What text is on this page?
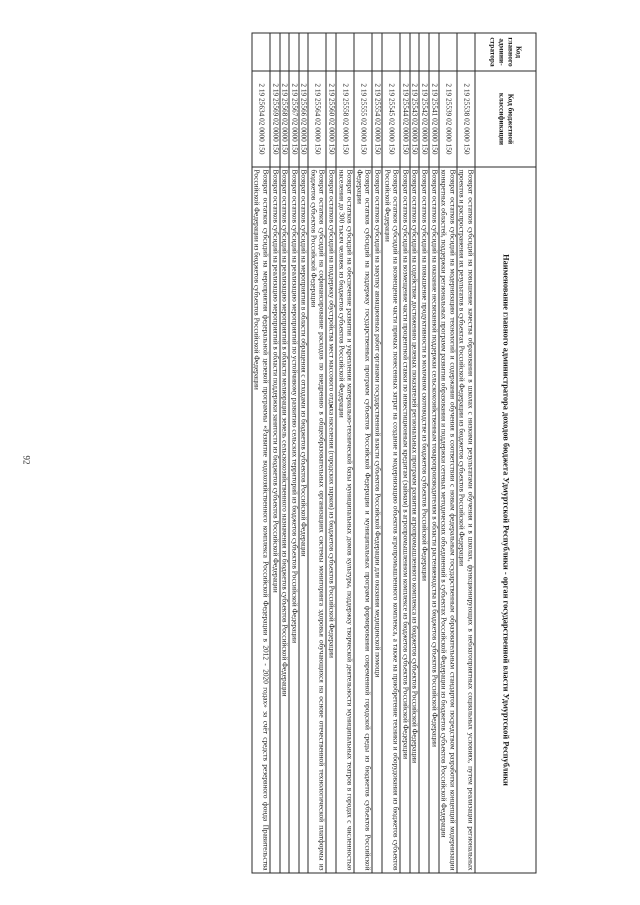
92
Код главного админи-стратора	Код бюджетной классификации	Наименование главного администратора доходов бюджета Удмуртской Республики - орган государственной власти Удмуртской Республики
	2 19 25538 02 0000 150	Возврат остатков субсидий на повышение качества образования в школах с низкими результатами обучения и в школах, функционирующих в неблагоприятных социальных условиях, путем реализации региональных проектов и распространения их результатов в субъектах Российской Федерации из бюджетов субъектов Российской Федерации
	2 19 25539 02 0000 150	Возврат остатков субсидий на модернизацию технологий и содержания обучения в соответствии с новым федеральным государственным образовательным стандартом посредством разработки концепций модернизации конкретных областей, поддержки региональных программ развития образования и поддержки сетевых методических объединений в субъектах Российской Федерации из бюджетов субъектов Российской Федерации
	2 19 25541 02 0000 150	Возврат остатков субсидий на оказание несвязанной поддержки сельскохозяйственным товаропроизводителям в области растениеводства из бюджетов субъектов Российской Федерации
	2 19 25542 02 0000 150	Возврат остатков субсидий на повышение продуктивности в молочном скотоводстве из бюджетов субъектов Российской Федерации
	2 19 25543 02 0000 150	Возврат остатков субсидий на содействие достижению целевых показателей региональных программ развития агропромышленного комплекса из бюджетов субъектов Российской Федерации
	2 19 25544 02 0000 150	Возврат остатков субсидий на возмещение части процентной ставки по инвестиционным кредитам (займам) в агропромышленном комплексе из бюджетов субъектов Российской Федерации
	2 19 25545 02 0000 150	Возврат остатков субсидий на возмещение части прямых понесенных затрат на создание и модернизацию объектов агропромышленного комплекса, а также на приобретение техники и оборудования из бюджетов субъектов Российской Федерации
	2 19 25554 02 0000 150	Возврат остатков субсидий на закупку авиационных работ органами государственной власти субъектов Российской Федерации для оказания медицинской помощи
	2 19 25555 02 0000 150	Возврат остатков субсидий на поддержку государственных программ субъектов Российской Федерации и муниципальных программ формирования современной городской среды из бюджетов субъектов Российской Федерации
	2 19 25558 02 0000 150	Возврат остатков субсидий на обеспечение развития и укрепления материально-технической базы муниципальных домов культуры, поддержку творческой деятельности муниципальных театров в городах с численностью населения до 300 тысяч человек из бюджетов субъектов Российской Федерации
	2 19 25560 02 0000 150	Возврат остатков субсидий на поддержку обустройства мест массового отдыха населения (городских парков) из бюджетов субъектов Российской Федерации
	2 19 25564 02 0000 150	Возврат остатков субсидий на софинансирование расходов по внедрению в общеобразовательных организациях системы мониторинга здоровья обучающихся на основе отечественной технологической платформы из бюджетов субъектов Российской Федерации
	2 19 25566 02 0000 150	Возврат остатков субсидий на мероприятия в области обращения с отходами из бюджетов субъектов Российской Федерации
	2 19 25567 02 0000 150	Возврат остатков субсидий на реализацию мероприятий по устойчивому развитию сельских территорий из бюджетов субъектов Российской Федерации
	2 19 25568 02 0000 150	Возврат остатков субсидий на реализацию мероприятий в области мелиорации земель сельскохозяйственного назначения из бюджетов субъектов Российской Федерации
	2 19 25569 02 0000 150	Возврат остатков субсидий на реализацию мероприятий в области поддержки занятости из бюджетов субъектов Российской Федерации
	2 19 25634 02 0000 150	Возврат остатков субсидий на мероприятия федеральной целевой программы «Развитие водохозяйственного комплекса Российской Федерации в 2012 - 2020 годах» за счёт средств резервного фонда Правительства Российской Федерации из бюджетов субъектов Российской Федерации
